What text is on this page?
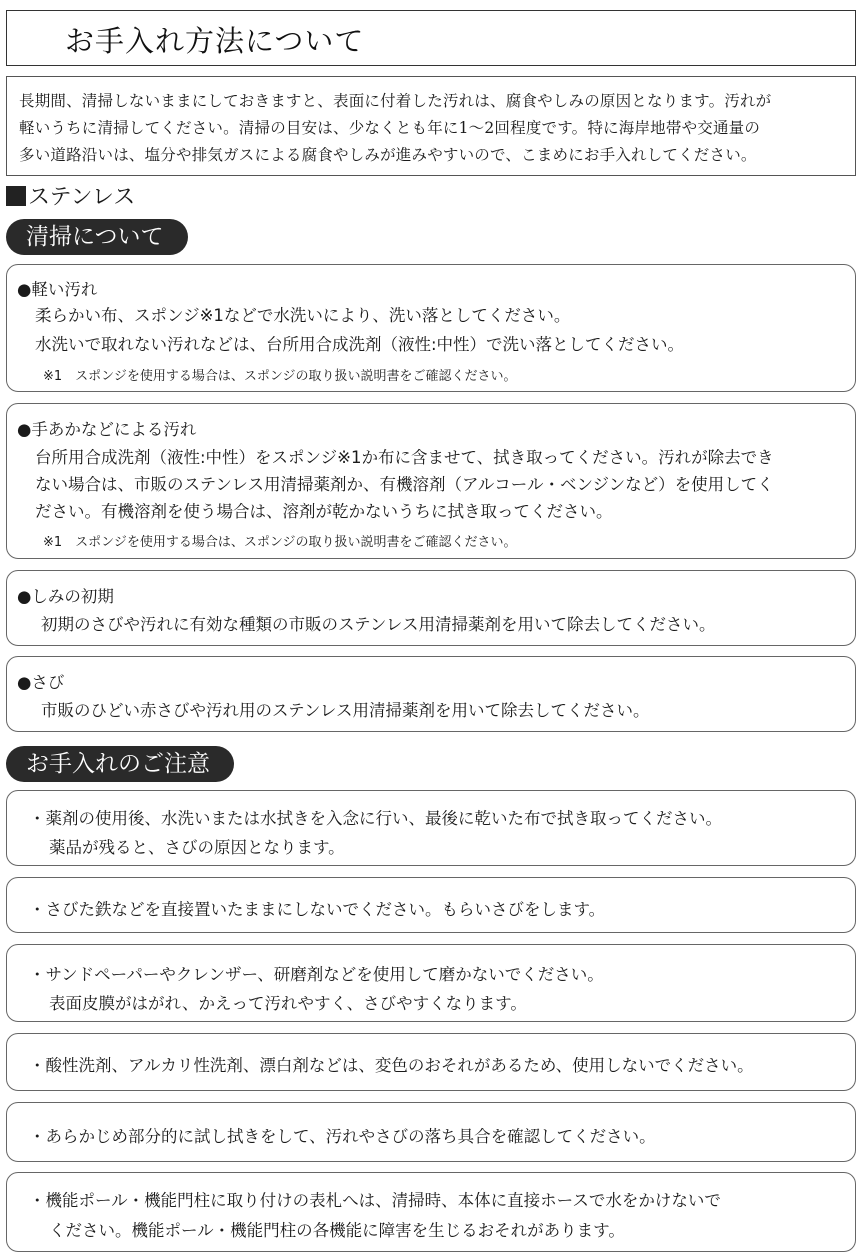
お手入れ方法について
長期間、清掃しないままにしておきますと、表面に付着した汚れは、腐食やしみの原因となります。汚れが
軽いうちに清掃してください。清掃の目安は、少なくとも年に1～2回程度です。特に海岸地帯や交通量の
多い道路沿いは、塩分や排気ガスによる腐食やしみが進みやすいので、こまめにお手入れしてください。
ステンレス
清掃について
●軽い汚れ
柔らかい布、スポンジ※1などで水洗いにより、洗い落としてください。
水洗いで取れない汚れなどは、台所用合成洗剤（液性:中性）で洗い落としてください。
※1　スポンジを使用する場合は、スポンジの取り扱い説明書をご確認ください。
●手あかなどによる汚れ
台所用合成洗剤（液性:中性）をスポンジ※1か布に含ませて、拭き取ってください。汚れが除去でき
ない場合は、市販のステンレス用清掃薬剤か、有機溶剤（アルコール・ベンジンなど）を使用してく
ださい。有機溶剤を使う場合は、溶剤が乾かないうちに拭き取ってください。
※1　スポンジを使用する場合は、スポンジの取り扱い説明書をご確認ください。
●しみの初期
初期のさびや汚れに有効な種類の市販のステンレス用清掃薬剤を用いて除去してください。
●さび
市販のひどい赤さびや汚れ用のステンレス用清掃薬剤を用いて除去してください。
お手入れのご注意
・薬剤の使用後、水洗いまたは水拭きを入念に行い、最後に乾いた布で拭き取ってください。
薬品が残ると、さびの原因となります。
・さびた鉄などを直接置いたままにしないでください。もらいさびをします。
・サンドペーパーやクレンザー、研磨剤などを使用して磨かないでください。
表面皮膜がはがれ、かえって汚れやすく、さびやすくなります。
・酸性洗剤、アルカリ性洗剤、漂白剤などは、変色のおそれがあるため、使用しないでください。
・あらかじめ部分的に試し拭きをして、汚れやさびの落ち具合を確認してください。
・機能ポール・機能門柱に取り付けの表札へは、清掃時、本体に直接ホースで水をかけないで
ください。機能ポール・機能門柱の各機能に障害を生じるおそれがあります。
